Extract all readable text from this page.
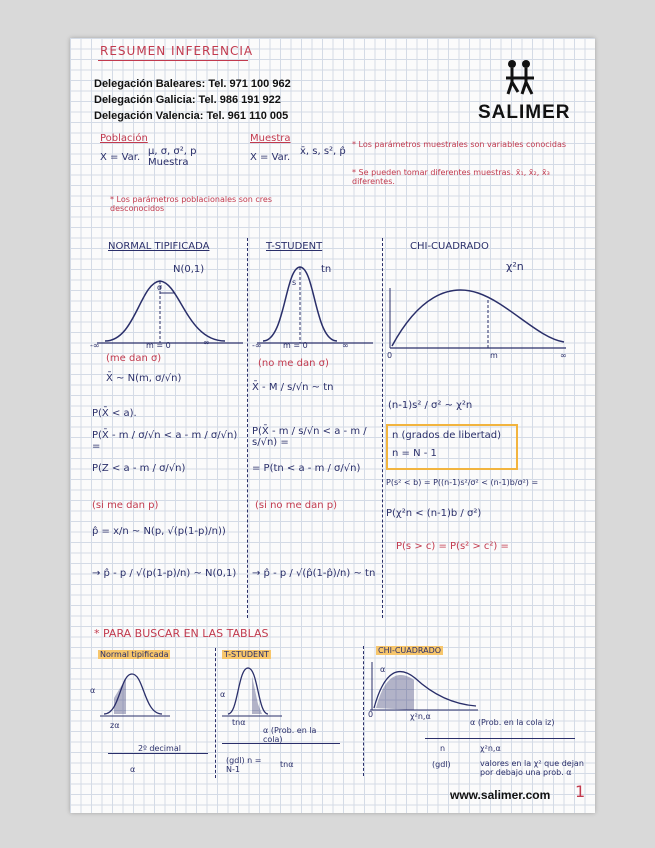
RESUMEN INFERENCIA
Delegación Baleares: Tel. 971 100 962
Delegación Galicia: Tel. 986 191 922
Delegación Valencia: Tel. 961 110 005	SALIMER
Población
X = Var.
μ, σ, σ², p Muestra
Muestra
X = Var.
x̄, s, s², p̂
* Los parámetros poblacionales son cres desconocidos
* Los parámetros muestrales son variables conocidas
* Se pueden tomar diferentes muestras. x̄₁, x̄₂, x̄₃ diferentes.
NORMAL TIPIFICADA	T-STUDENT	CHI-CUADRADO
N(0,1)
σ
m = 0
-∞	∞
(me dan σ)
X̄ ~ N(m, σ/√n)
P(X̄ < a).
P(X̄ - m / σ/√n < a - m / σ/√n) =
P(Z < a - m / σ/√n)
(si me dan p)
p̂ = x/n ~ N(p, √(p(1-p)/n))
→ p̂ - p / √(p(1-p)/n) ~ N(0,1)
tn
s
m = 0
-∞	∞
(no me dan σ)
X̄ - M / s/√n ~ tn
P(X̄ - m / s/√n < a - m / s/√n) =
= P(tn < a - m / σ/√n)
(si no me dan p)
→ p̂ - p / √(p̂(1-p̂)/n) ~ tn
χ²n
0	m	∞
(n-1)s² / σ² ~ χ²n
n (grados de libertad)
n = N - 1
P(s² < b) = P((n-1)s²/σ² < (n-1)b/σ²) =
P(χ²n < (n-1)b / σ²)
P(s > c) = P(s² > c²) =
* PARA BUSCAR EN LAS TABLAS
Normal tipificada	T-STUDENT	CHI-CUADRADO
α
zα
2º decimal
α
α
tnα
α (Prob. en la cola)
(gdl) n = N-1
tnα
α
0	χ²n,α
α (Prob. en la cola iz)
n
(gdl)
χ²n,α
valores en la χ² que dejan por debajo una prob. α
www.salimer.com 1
